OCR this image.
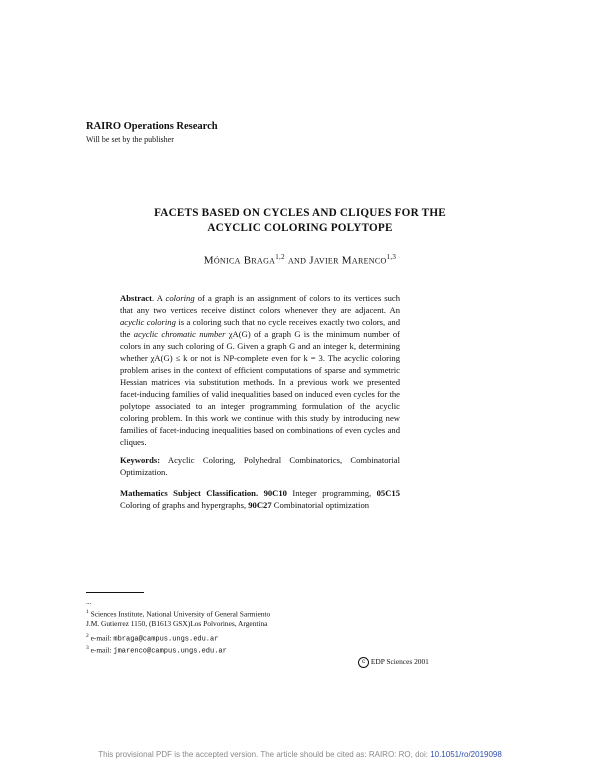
RAIRO Operations Research
Will be set by the publisher
FACETS BASED ON CYCLES AND CLIQUES FOR THE
ACYCLIC COLORING POLYTOPE
Mónica Braga$^{1,2}$ and Javier Marenco$^{1,3}$
Abstract. A coloring of a graph is an assignment of colors to its vertices such that any two vertices receive distinct colors whenever they are adjacent. An acyclic coloring is a coloring such that no cycle receives exactly two colors, and the acyclic chromatic number χA(G) of a graph G is the minimum number of colors in any such coloring of G. Given a graph G and an integer k, determining whether χA(G) ≤ k or not is NP-complete even for k = 3. The acyclic coloring problem arises in the context of efficient computations of sparse and symmetric Hessian matrices via substitution methods. In a previous work we presented facet-inducing families of valid inequalities based on induced even cycles for the polytope associated to an integer programming formulation of the acyclic coloring problem. In this work we continue with this study by introducing new families of facet-inducing inequalities based on combinations of even cycles and cliques.
Keywords: Acyclic Coloring, Polyhedral Combinatorics, Combinatorial Optimization.
Mathematics Subject Classification. 90C10 Integer programming, 05C15 Coloring of graphs and hypergraphs, 90C27 Combinatorial optimization
...
$^1$ Sciences Institute, National University of General Sarmiento
J.M. Gutierrez 1150, (B1613 GSX)Los Polvorines, Argentina
$^2$ e-mail: mbraga@campus.ungs.edu.ar
$^3$ e-mail: jmarenco@campus.ungs.edu.ar
c EDP Sciences 2001
This provisional PDF is the accepted version. The article should be cited as: RAIRO: RO, doi: 10.1051/ro/2019098
